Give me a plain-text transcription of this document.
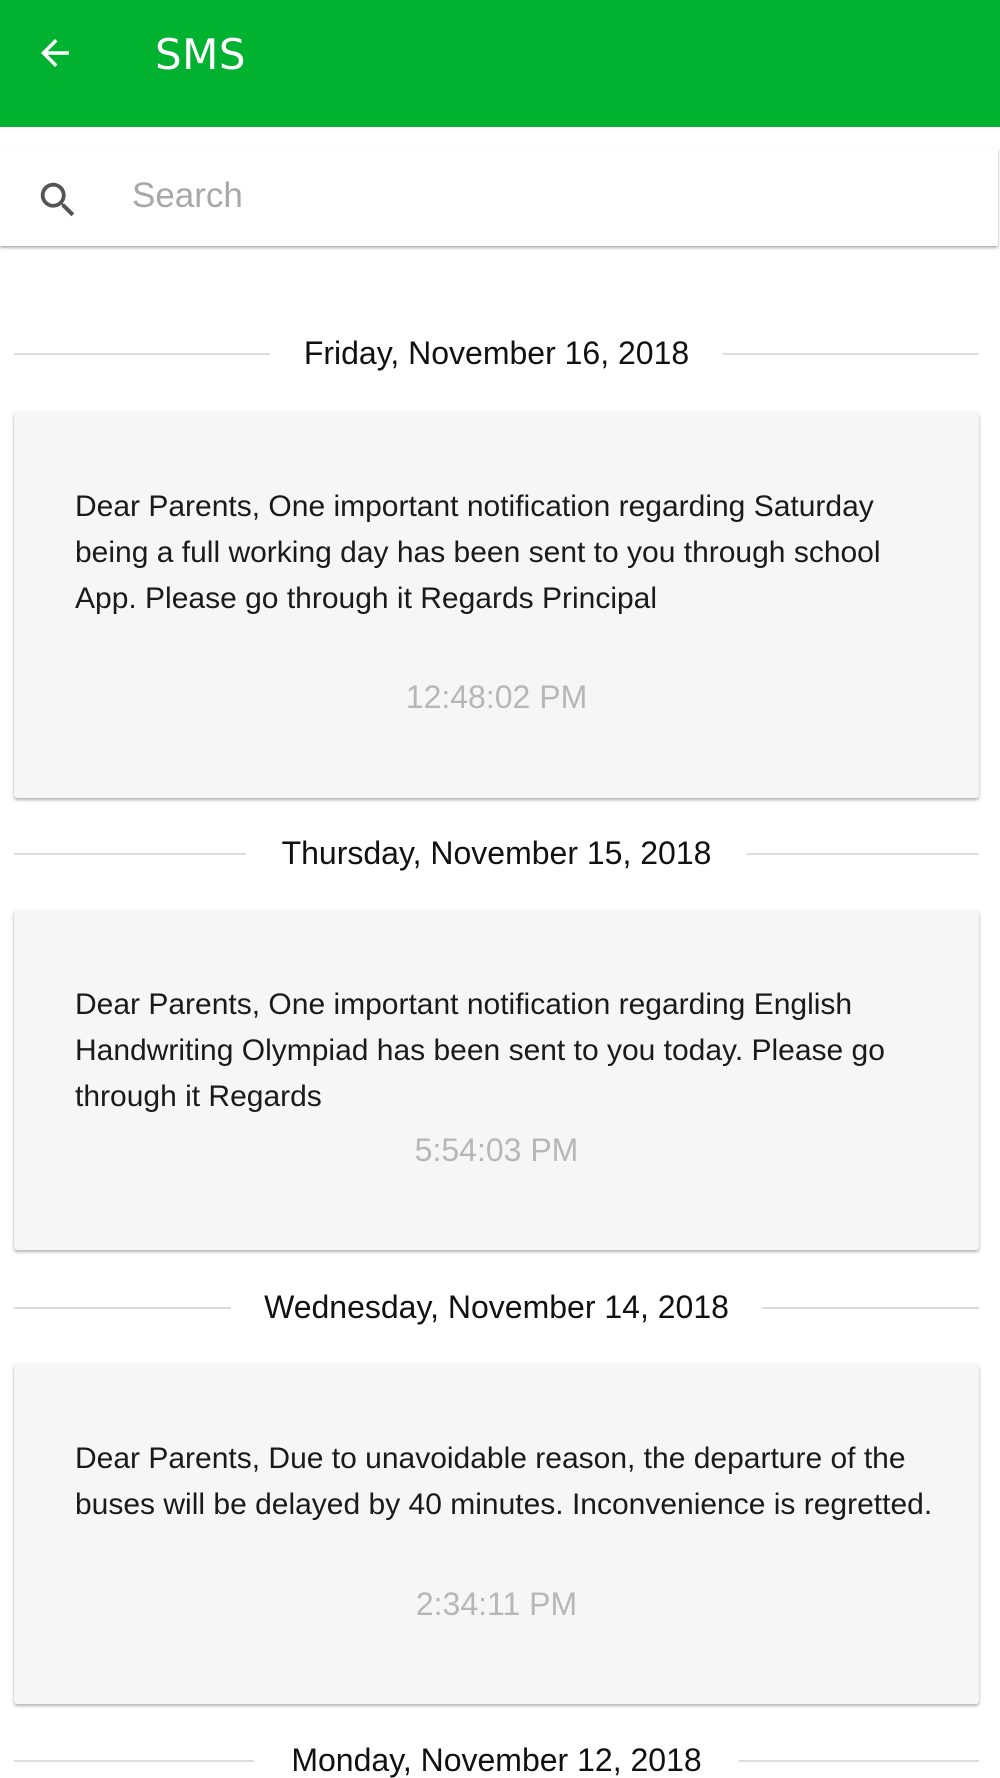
SMS
Search
Friday, November 16, 2018
Dear Parents, One important notification regarding Saturday being a full working day has been sent to you through school App. Please go through it Regards Principal
12:48:02 PM
Thursday, November 15, 2018
Dear Parents, One important notification regarding English Handwriting Olympiad has been sent to you today. Please go through it Regards
5:54:03 PM
Wednesday, November 14, 2018
Dear Parents, Due to unavoidable reason, the departure of the buses will be delayed by 40 minutes. Inconvenience is regretted.
2:34:11 PM
Monday, November 12, 2018
